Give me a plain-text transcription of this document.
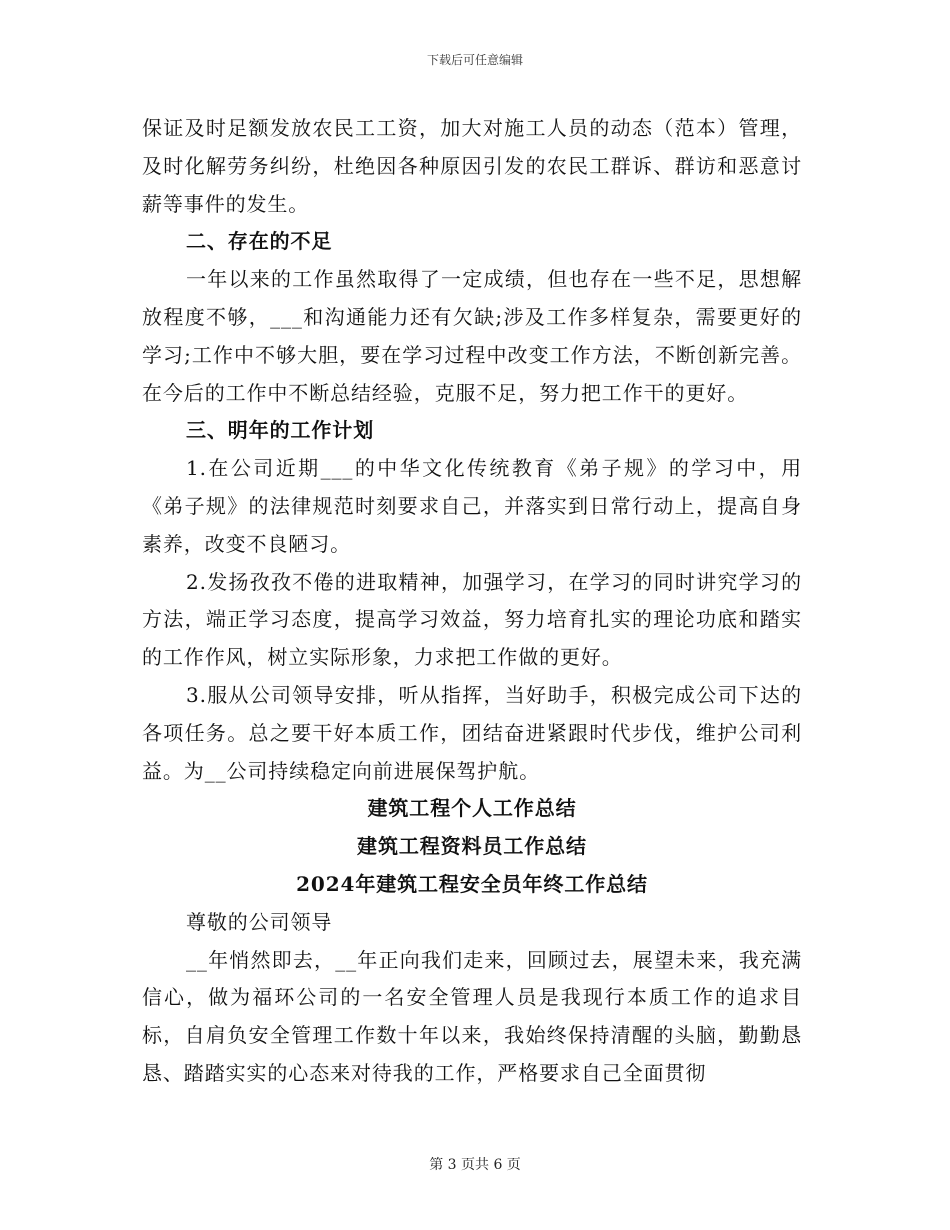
下载后可任意编辑

保证及时足额发放农民工工资，加大对施工人员的动态（范本）管理，及时化解劳务纠纷，杜绝因各种原因引发的农民工群诉、群访和恶意讨薪等事件的发生。

二、存在的不足

一年以来的工作虽然取得了一定成绩，但也存在一些不足，思想解放程度不够，___和沟通能力还有欠缺;涉及工作多样复杂，需要更好的学习;工作中不够大胆，要在学习过程中改变工作方法，不断创新完善。在今后的工作中不断总结经验，克服不足，努力把工作干的更好。

三、明年的工作计划

1.在公司近期___的中华文化传统教育《弟子规》的学习中，用《弟子规》的法律规范时刻要求自己，并落实到日常行动上，提高自身素养，改变不良陋习。

2.发扬孜孜不倦的进取精神，加强学习，在学习的同时讲究学习的方法，端正学习态度，提高学习效益，努力培育扎实的理论功底和踏实的工作作风，树立实际形象，力求把工作做的更好。

3.服从公司领导安排，听从指挥，当好助手，积极完成公司下达的各项任务。总之要干好本质工作，团结奋进紧跟时代步伐，维护公司利益。为__公司持续稳定向前进展保驾护航。

建筑工程个人工作总结

建筑工程资料员工作总结

2024年建筑工程安全员年终工作总结

尊敬的公司领导

__年悄然即去，__年正向我们走来，回顾过去，展望未来，我充满信心，做为福环公司的一名安全管理人员是我现行本质工作的追求目标，自肩负安全管理工作数十年以来，我始终保持清醒的头脑，勤勤恳恳、踏踏实实的心态来对待我的工作，严格要求自己全面贯彻

第 3 页共 6 页
